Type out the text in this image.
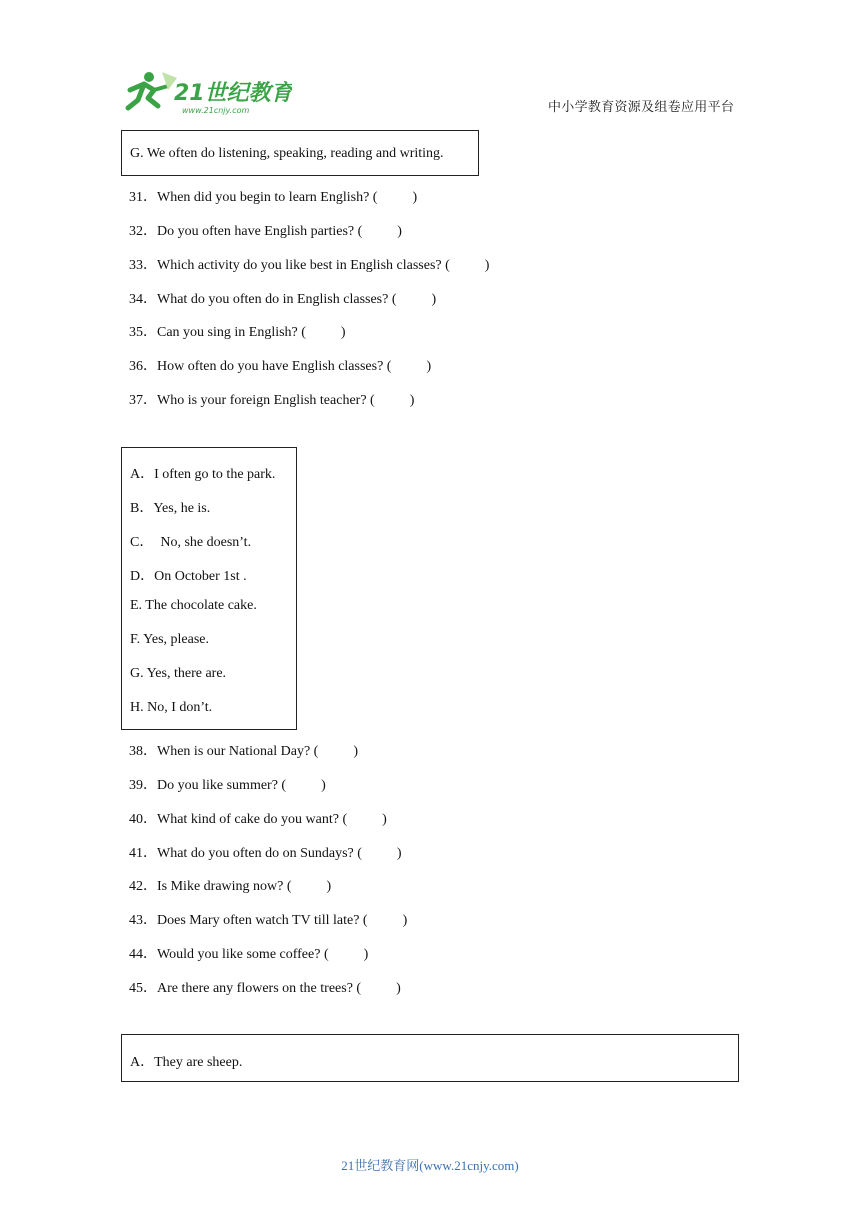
21世纪教育
www.21cnjy.com	中小学教育资源及组卷应用平台
G. We often do listening, speaking, reading and writing.
31．When did you begin to learn English? (          )
32．Do you often have English parties? (          )
33．Which activity do you like best in English classes? (          )
34．What do you often do in English classes? (          )
35．Can you sing in English? (          )
36．How often do you have English classes? (          )
37．Who is your foreign English teacher? (          )
A．I often go to the park.
B．Yes, he is.
C．  No, she doesn’t.
D．On October 1st .
E. The chocolate cake.
F. Yes, please.
G. Yes, there are.
H. No, I don’t.
38．When is our National Day? (          )
39．Do you like summer? (          )
40．What kind of cake do you want? (          )
41．What do you often do on Sundays? (          )
42．Is Mike drawing now? (          )
43．Does Mary often watch TV till late? (          )
44．Would you like some coffee? (          )
45．Are there any flowers on the trees? (          )
A．They are sheep.
21世纪教育网(www.21cnjy.com)
